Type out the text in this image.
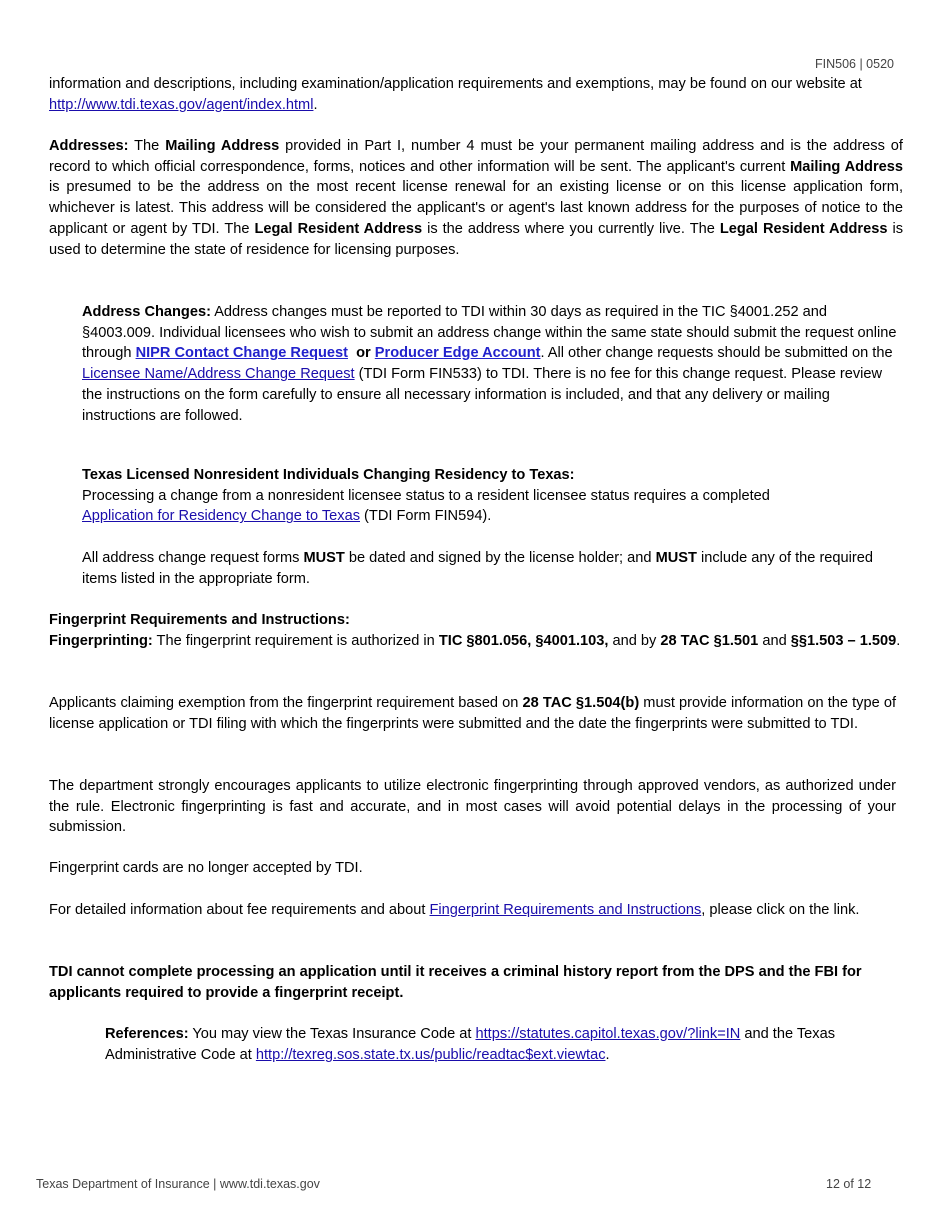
FIN506 | 0520

information and descriptions, including examination/application requirements and exemptions, may be found on our website at  http://www.tdi.texas.gov/agent/index.html.

Addresses: The Mailing Address provided in Part I, number 4 must be your permanent mailing address and is the address of record to which official correspondence, forms, notices and other information will be sent. The applicant's current Mailing Address is presumed to be the address on the most recent license renewal for an existing license or on this license application form, whichever is latest. This address will be considered the applicant's or agent's last known address for the purposes of notice to the applicant or agent by TDI. The Legal Resident Address is the address where you currently live. The Legal Resident Address is used to determine the state of residence for licensing purposes.

Address Changes: Address changes must be reported to TDI within 30 days as required in the TIC §4001.252 and §4003.009. Individual licensees who wish to submit an address change within the same state should submit the request online through NIPR Contact Change Request or Producer Edge Account. All other change requests should be submitted on the Licensee Name/Address Change Request (TDI Form FIN533) to TDI. There is no fee for this change request. Please review the instructions on the form carefully to ensure all necessary information is included, and that any delivery or mailing instructions are followed.

Texas Licensed Nonresident Individuals Changing Residency to Texas:
Processing a change from a nonresident licensee status to a resident licensee status requires a completed
Application for Residency Change to Texas (TDI Form FIN594).

All address change request forms MUST be dated and signed by the license holder; and MUST include any of the required items listed in the appropriate form.

Fingerprint Requirements and Instructions:
Fingerprinting: The fingerprint requirement is authorized in TIC §801.056, §4001.103, and by 28 TAC §1.501 and §§1.503 – 1.509.

Applicants claiming exemption from the fingerprint requirement based on 28 TAC §1.504(b) must provide information on the type of license application or TDI filing with which the fingerprints were submitted and the date the fingerprints were submitted to TDI.

The department strongly encourages applicants to utilize electronic fingerprinting through approved vendors, as authorized under the rule. Electronic fingerprinting is fast and accurate, and in most cases will avoid potential delays in the processing of your submission.

Fingerprint cards are no longer accepted by TDI.

For detailed information about fee requirements and about Fingerprint Requirements and Instructions, please click on the link.

TDI cannot complete processing an application until it receives a criminal history report from the DPS and the FBI for applicants required to provide a fingerprint receipt.

References: You may view the Texas Insurance Code at https://statutes.capitol.texas.gov/?link=IN and the Texas Administrative Code at http://texreg.sos.state.tx.us/public/readtac$ext.viewtac.

Texas Department of Insurance | www.tdi.texas.gov	12 of 12
